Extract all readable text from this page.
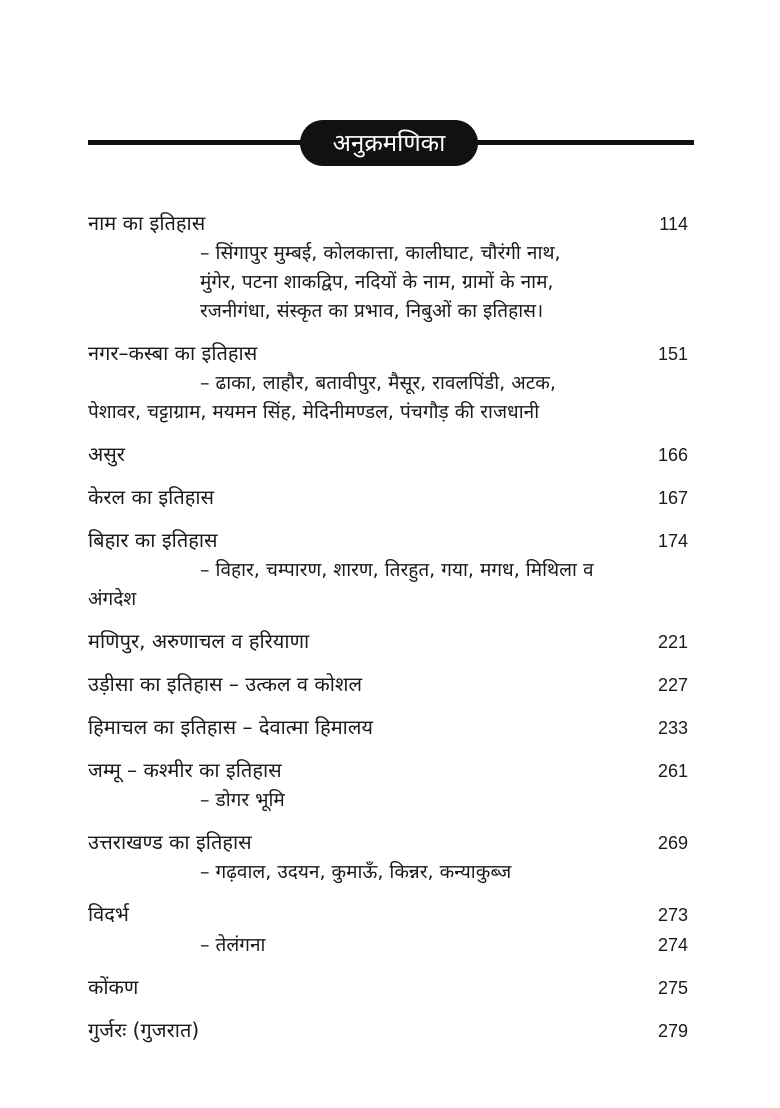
अनुक्रमणिका
नाम का इतिहास	114
– सिंगापुर मुम्बई, कोलकात्ता, कालीघाट, चौरंगी नाथ,
मुंगेर, पटना शाकद्विप, नदियों के नाम, ग्रामों के नाम,
रजनीगंधा, संस्कृत का प्रभाव, निबुओं का इतिहास।
नगर–कस्बा का इतिहास	151
– ढाका, लाहौर, बतावीपुर, मैसूर, रावलपिंडी, अटक,
पेशावर, चट्टाग्राम, मयमन सिंह, मेदिनीमण्डल, पंचगौड़ की राजधानी
असुर	166
केरल का इतिहास	167
बिहार का इतिहास	174
– विहार, चम्पारण, शारण, तिरहुत, गया, मगध, मिथिला व
अंगदेश
मणिपुर, अरुणाचल व हरियाणा	221
उड़ीसा का इतिहास – उत्कल व कोशल	227
हिमाचल का इतिहास – देवात्मा हिमालय	233
जम्मू – कश्मीर का इतिहास	261
– डोगर भूमि
उत्तराखण्ड का इतिहास	269
– गढ़वाल, उदयन, कुमाऊँ, किन्नर, कन्याकुब्ज
विदर्भ	273
– तेलंगना	274
कोंकण	275
गुर्जरः (गुजरात)	279
